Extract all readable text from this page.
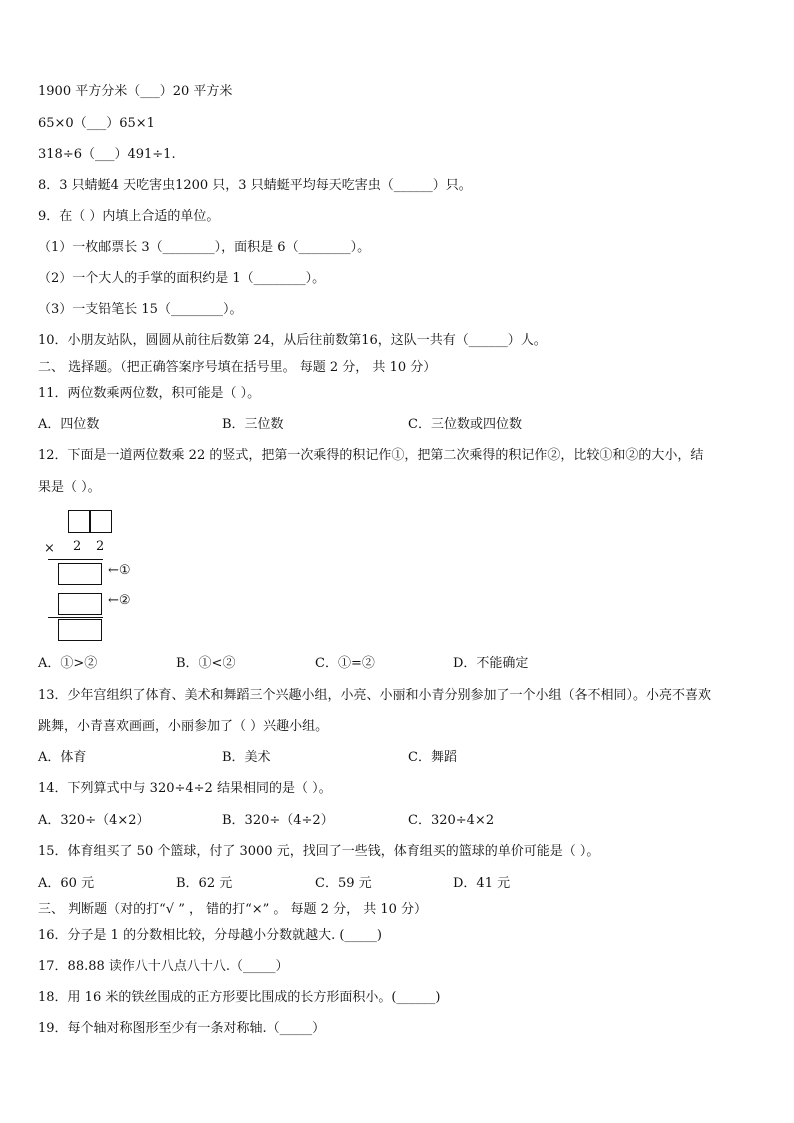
1900 平方分米（___）20 平方米
65×0（___）65×1
318÷6（___）491÷1.
8．3 只蜻蜓4 天吃害虫1200 只，3 只蜻蜓平均每天吃害虫（______）只。
9．在（ ）内填上合适的单位。
（1）一枚邮票长 3（________），面积是 6（________）。
（2）一个大人的手掌的面积约是 1（________）。
（3）一支铅笔长 15（________）。
10．小朋友站队，圆圆从前往后数第 24，从后往前数第16，这队一共有（______）人。
二、 选择题。（把正确答案序号填在括号里。 每题 2 分， 共 10 分）
11．两位数乘两位数，积可能是（ ）。
A．四位数	B．三位数	C．三位数或四位数
12．下面是一道两位数乘 22 的竖式，把第一次乘得的积记作①，把第二次乘得的积记作②，比较①和②的大小，结
果是（ ）。
× 2 2
←①
←②
A．①>②	B．①<②	C．①=②	D．不能确定
13．少年宫组织了体育、美术和舞蹈三个兴趣小组，小亮、小丽和小青分别参加了一个小组（各不相同）。小亮不喜欢
跳舞，小青喜欢画画，小丽参加了（ ）兴趣小组。
A．体育	B．美术	C．舞蹈
14．下列算式中与 320÷4÷2 结果相同的是（ ）。
A．320÷（4×2）	B．320÷（4÷2）	C．320÷4×2
15．体育组买了 50 个篮球，付了 3000 元，找回了一些钱，体育组买的篮球的单价可能是（ ）。
A．60 元	B．62 元	C．59 元	D．41 元
三、 判断题（对的打“√ ” ， 错的打“×” 。 每题 2 分， 共 10 分）
16．分子是 1 的分数相比较，分母越小分数就越大. (_____)
17．88.88 读作八十八点八十八.（_____）
18．用 16 米的铁丝围成的正方形要比围成的长方形面积小。(______)
19．每个轴对称图形至少有一条对称轴.（_____）
